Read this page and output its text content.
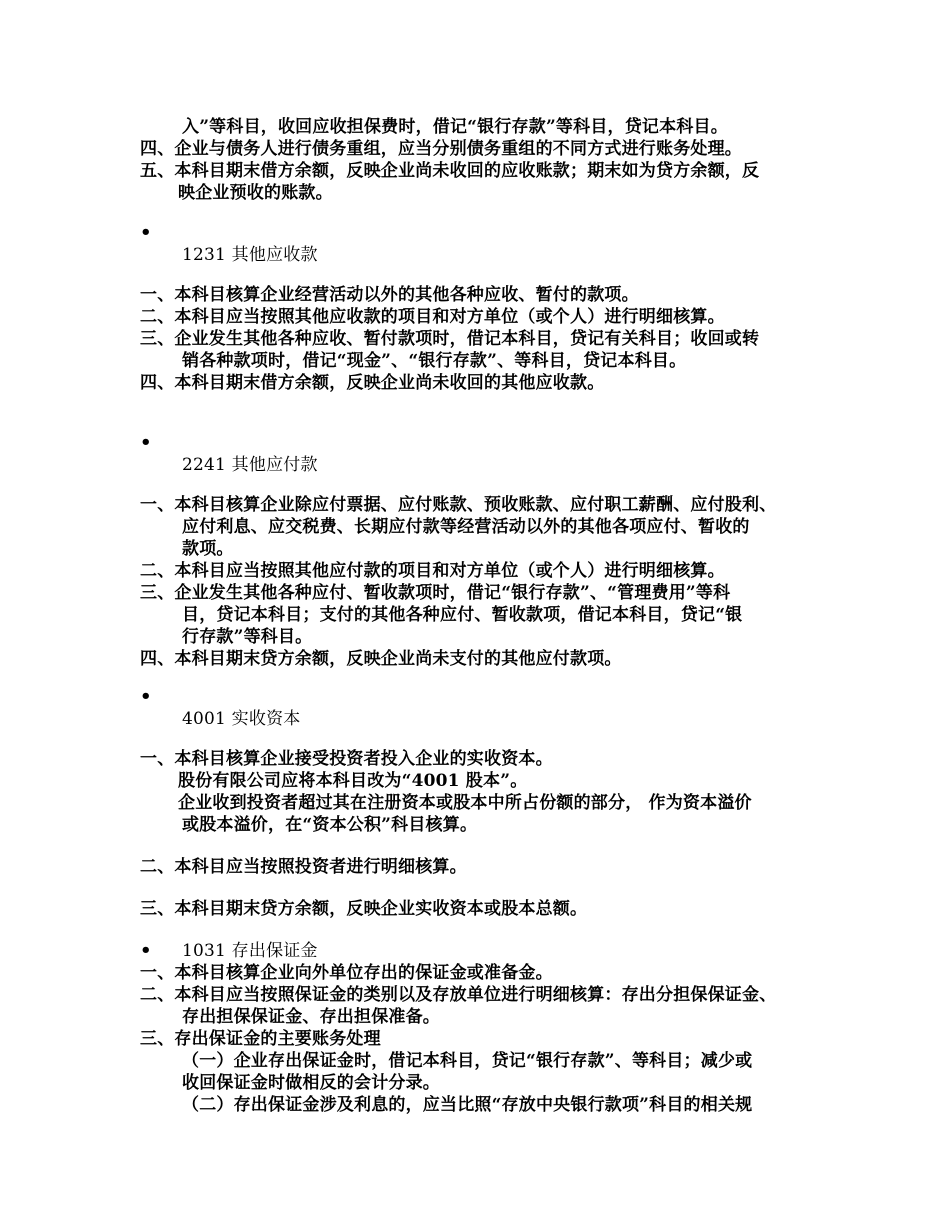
入”等科目，收回应收担保费时，借记“银行存款”等科目，贷记本科目。
四、企业与债务人进行债务重组，应当分别债务重组的不同方式进行账务处理。
五、本科目期末借方余额，反映企业尚未收回的应收账款；期末如为贷方余额，反
映企业预收的账款。
•
1231 其他应收款
一、本科目核算企业经营活动以外的其他各种应收、暂付的款项。
二、本科目应当按照其他应收款的项目和对方单位（或个人）进行明细核算。
三、企业发生其他各种应收、暂付款项时，借记本科目，贷记有关科目；收回或转
销各种款项时，借记“现金”、“银行存款”、等科目，贷记本科目。
四、本科目期末借方余额，反映企业尚未收回的其他应收款。
•
2241 其他应付款
一、本科目核算企业除应付票据、应付账款、预收账款、应付职工薪酬、应付股利、
应付利息、应交税费、长期应付款等经营活动以外的其他各项应付、暂收的
款项。
二、本科目应当按照其他应付款的项目和对方单位（或个人）进行明细核算。
三、企业发生其他各种应付、暂收款项时，借记“银行存款”、“管理费用”等科
目，贷记本科目；支付的其他各种应付、暂收款项，借记本科目，贷记“银
行存款”等科目。
四、本科目期末贷方余额，反映企业尚未支付的其他应付款项。
•
4001 实收资本
一、本科目核算企业接受投资者投入企业的实收资本。
股份有限公司应将本科目改为“4001 股本”。
企业收到投资者超过其在注册资本或股本中所占份额的部分， 作为资本溢价
或股本溢价，在“资本公积”科目核算。
二、本科目应当按照投资者进行明细核算。
三、本科目期末贷方余额，反映企业实收资本或股本总额。
• 1031 存出保证金
一、本科目核算企业向外单位存出的保证金或准备金。
二、本科目应当按照保证金的类别以及存放单位进行明细核算：存出分担保保证金、
存出担保保证金、存出担保准备。
三、存出保证金的主要账务处理
（一）企业存出保证金时，借记本科目，贷记“银行存款”、等科目；减少或
收回保证金时做相反的会计分录。
（二）存出保证金涉及利息的，应当比照“存放中央银行款项”科目的相关规
